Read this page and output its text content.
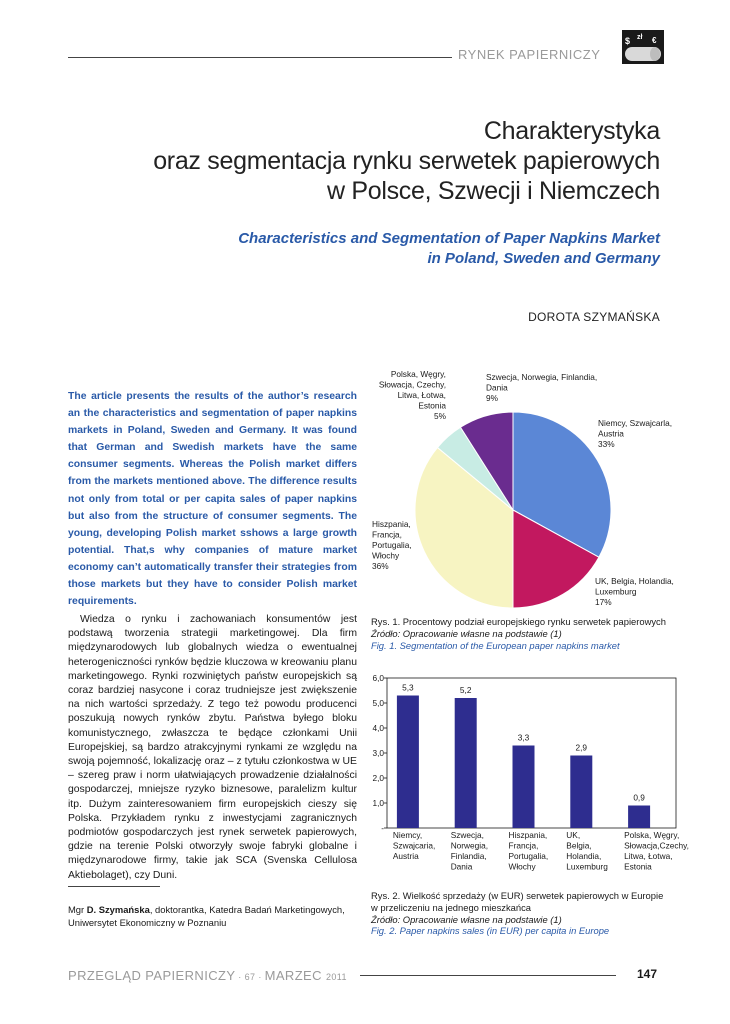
RYNEK PAPIERNICZY
$ zł €
Charakterystyka
oraz segmentacja rynku serwetek papierowych
w Polsce, Szwecji i Niemczech
Characteristics and Segmentation of Paper Napkins Market
in Poland, Sweden and Germany
DOROTA SZYMAŃSKA
The article presents the results of the author’s research an the characteristics and segmentation of paper napkins markets in Poland, Sweden and Germany. It was found that German and Swedish markets have the same consumer segments. Whereas the Polish market differs from the markets mentioned above. The difference results not only from total or per capita sales of paper napkins but also from the structure of consumer segments. The young, developing Polish market sshows a large growth potential. That,s why companies of mature market economy can’t automatically transfer their strategies from those markets but they have to consider Polish market requirements.
Wiedza o rynku i zachowaniach konsumentów jest podstawą tworzenia strategii marketingowej. Dla firm międzynarodowych lub globalnych wiedza o ewentualnej heterogeniczności rynków będzie kluczowa w kreowaniu planu marketingowego. Rynki rozwiniętych państw europejskich są coraz bardziej nasycone i coraz trudniejsze jest zwiększenie na nich wartości sprzedaży. Z tego też powodu producenci poszukują nowych rynków zbytu. Państwa byłego bloku komunistycznego, zwłaszcza te będące członkami Unii Europejskiej, są bardzo atrakcyjnymi rynkami ze względu na swoją pojemność, lokalizację oraz – z tytułu członkostwa w UE – szereg praw i norm ułatwiających prowadzenie działalności gospodarczej, mniejsze ryzyko biznesowe, paralelizm kultur itp. Dużym zainteresowaniem firm europejskich cieszy się Polska. Przykładem rynku z inwestycjami zagranicznych podmiotów gospodarczych jest rynek serwetek papierowych, gdzie na terenie Polski otworzyły swoje fabryki globalne i międzynarodowe firmy, takie jak SCA (Svenska Cellulosa Aktiebolaget), czy Duni.
Mgr D. Szymańska, doktorantka, Katedra Badań Marketingowych, Uniwersytet Ekonomiczny w Poznaniu
Niemcy, Szwajcarla, Austria 33%
UK, Belgia, Holandia, Luxemburg 17%
Hiszpania, Francja, Portugalia, Włochy 36%
Polska, Węgry, Słowacja, Czechy, Litwa, Łotwa, Estonia 5%
Szwecja, Norwegia, Finlandia, Dania 9%
Rys. 1. Procentowy podział europejskiego rynku serwetek papierowych
Źródło: Opracowanie własne na podstawie (1)
Fig. 1. Segmentation of the European paper napkins market
-
1,0
2,0
3,0
4,0
5,0
6,0
5,3
Niemcy, Szwajcaria, Austria
5,2
Szwecja, Norwegia, Finlandia, Dania
3,3
Hiszpania, Francja, Portugalia, Włochy
2,9
UK, Belgia, Holandia, Luxemburg
0,9
Polska, Węgry, Słowacja,Czechy, Litwa, Łotwa, Estonia
Rys. 2. Wielkość sprzedaży (w EUR) serwetek papierowych w Europie
w przeliczeniu na jednego mieszkańca
Źródło: Opracowanie własne na podstawie (1)
Fig. 2. Paper napkins sales (in EUR) per capita in Europe
PRZEGLĄD PAPIERNICZY · 67 · MARZEC 2011	147
